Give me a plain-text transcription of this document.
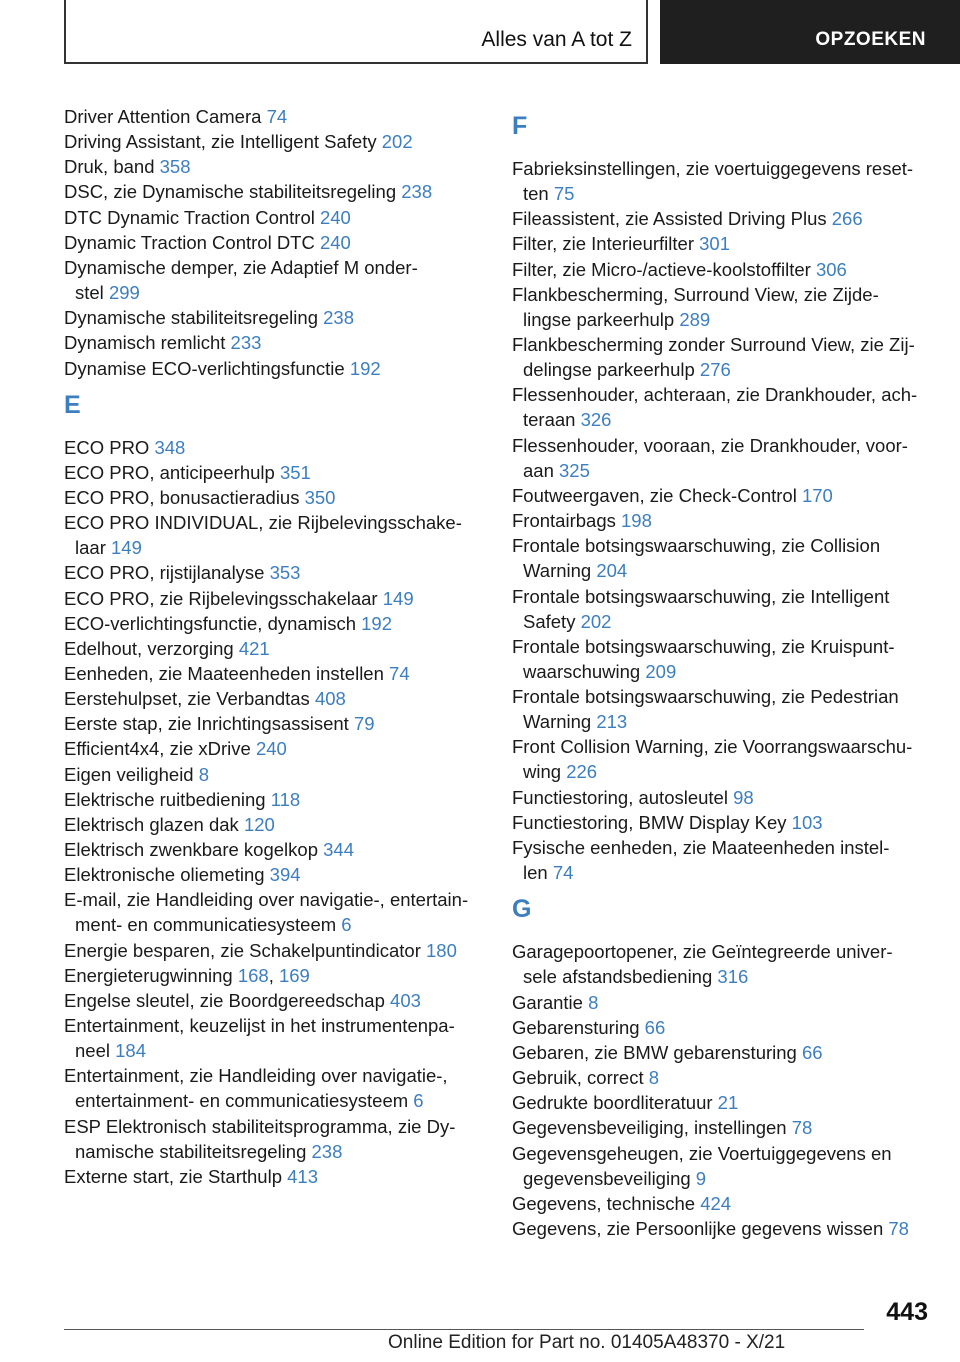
Alles van A tot Z	OPZOEKEN
Driver Attention Camera 74
Driving Assistant, zie Intelligent Safety 202
Druk, band 358
DSC, zie Dynamische stabiliteitsregeling 238
DTC Dynamic Traction Control 240
Dynamic Traction Control DTC 240
Dynamische demper, zie Adaptief M onder-
stel 299
Dynamische stabiliteitsregeling 238
Dynamisch remlicht 233
Dynamise ECO-verlichtingsfunctie 192
E
ECO PRO 348
ECO PRO, anticipeerhulp 351
ECO PRO, bonusactieradius 350
ECO PRO INDIVIDUAL, zie Rijbelevingsschake-
laar 149
ECO PRO, rijstijlanalyse 353
ECO PRO, zie Rijbelevingsschakelaar 149
ECO-verlichtingsfunctie, dynamisch 192
Edelhout, verzorging 421
Eenheden, zie Maateenheden instellen 74
Eerstehulpset, zie Verbandtas 408
Eerste stap, zie Inrichtingsassisent 79
Efficient4x4, zie xDrive 240
Eigen veiligheid 8
Elektrische ruitbediening 118
Elektrisch glazen dak 120
Elektrisch zwenkbare kogelkop 344
Elektronische oliemeting 394
E-mail, zie Handleiding over navigatie-, entertain-
ment- en communicatiesysteem 6
Energie besparen, zie Schakelpuntindicator 180
Energieterugwinning 168, 169
Engelse sleutel, zie Boordgereedschap 403
Entertainment, keuzelijst in het instrumentenpa-
neel 184
Entertainment, zie Handleiding over navigatie-,
entertainment- en communicatiesysteem 6
ESP Elektronisch stabiliteitsprogramma, zie Dy-
namische stabiliteitsregeling 238
Externe start, zie Starthulp 413
F
Fabrieksinstellingen, zie voertuiggegevens reset-
ten 75
Fileassistent, zie Assisted Driving Plus 266
Filter, zie Interieurfilter 301
Filter, zie Micro-/actieve-koolstoffilter 306
Flankbescherming, Surround View, zie Zijde-
lingse parkeerhulp 289
Flankbescherming zonder Surround View, zie Zij-
delingse parkeerhulp 276
Flessenhouder, achteraan, zie Drankhouder, ach-
teraan 326
Flessenhouder, vooraan, zie Drankhouder, voor-
aan 325
Foutweergaven, zie Check-Control 170
Frontairbags 198
Frontale botsingswaarschuwing, zie Collision
Warning 204
Frontale botsingswaarschuwing, zie Intelligent
Safety 202
Frontale botsingswaarschuwing, zie Kruispunt-
waarschuwing 209
Frontale botsingswaarschuwing, zie Pedestrian
Warning 213
Front Collision Warning, zie Voorrangswaarschu-
wing 226
Functiestoring, autosleutel 98
Functiestoring, BMW Display Key 103
Fysische eenheden, zie Maateenheden instel-
len 74
G
Garagepoortopener, zie Geïntegreerde univer-
sele afstandsbediening 316
Garantie 8
Gebarensturing 66
Gebaren, zie BMW gebarensturing 66
Gebruik, correct 8
Gedrukte boordliteratuur 21
Gegevensbeveiliging, instellingen 78
Gegevensgeheugen, zie Voertuiggegevens en
gegevensbeveiliging 9
Gegevens, technische 424
Gegevens, zie Persoonlijke gegevens wissen 78
443
Online Edition for Part no. 01405A48370 - X/21
